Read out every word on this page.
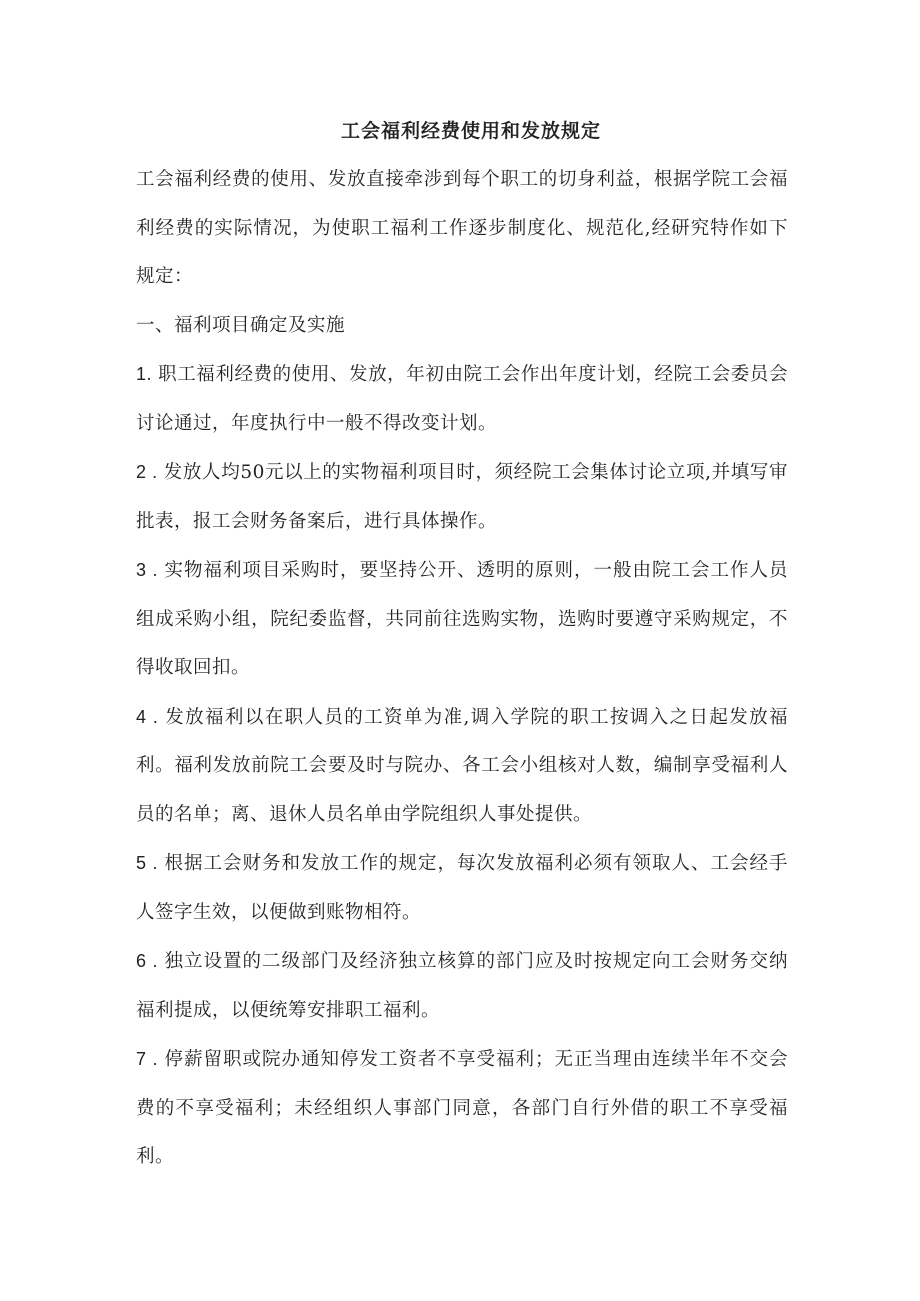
工会福利经费使用和发放规定

工会福利经费的使用、发放直接牵涉到每个职工的切身利益，根据学院工会福利经费的实际情况，为使职工福利工作逐步制度化、规范化,经研究特作如下规定：

一、福利项目确定及实施

1. 职工福利经费的使用、发放，年初由院工会作出年度计划，经院工会委员会讨论通过，年度执行中一般不得改变计划。

2 . 发放人均50元以上的实物福利项目时，须经院工会集体讨论立项,并填写审批表，报工会财务备案后，进行具体操作。

3 . 实物福利项目采购时，要坚持公开、透明的原则，一般由院工会工作人员组成采购小组，院纪委监督，共同前往选购实物，选购时要遵守采购规定，不得收取回扣。

4 . 发放福利以在职人员的工资单为准,调入学院的职工按调入之日起发放福利。福利发放前院工会要及时与院办、各工会小组核对人数，编制享受福利人员的名单；离、退休人员名单由学院组织人事处提供。

5 . 根据工会财务和发放工作的规定，每次发放福利必须有领取人、工会经手人签字生效，以便做到账物相符。

6 . 独立设置的二级部门及经济独立核算的部门应及时按规定向工会财务交纳福利提成，以便统筹安排职工福利。

7 . 停薪留职或院办通知停发工资者不享受福利；无正当理由连续半年不交会费的不享受福利；未经组织人事部门同意，各部门自行外借的职工不享受福利。
